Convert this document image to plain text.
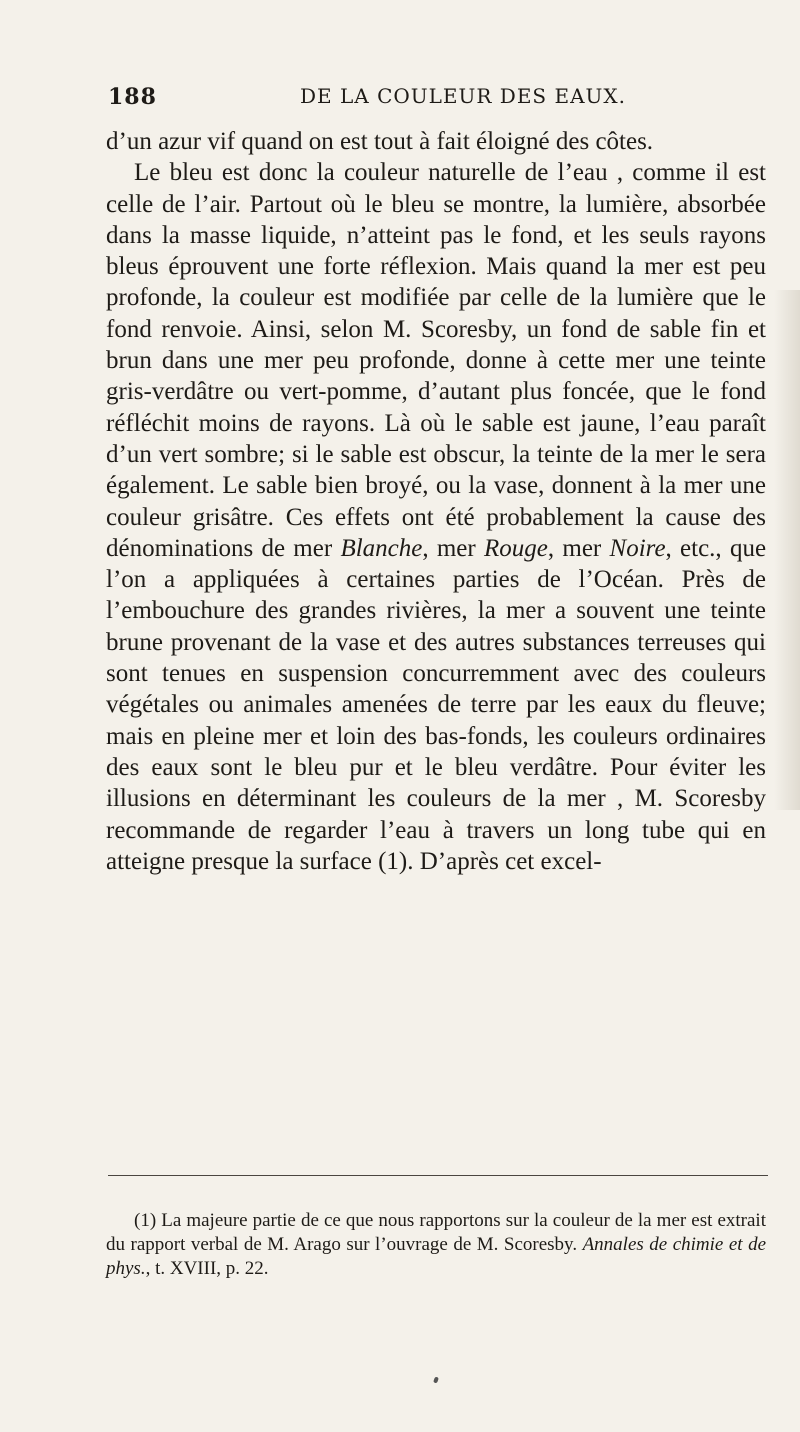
188	DE LA COULEUR DES EAUX.

d’un azur vif quand on est tout à fait éloigné des côtes.

Le bleu est donc la couleur naturelle de l’eau , comme il est celle de l’air. Partout où le bleu se montre, la lumière, absorbée dans la masse liquide, n’atteint pas le fond, et les seuls rayons bleus éprouvent une forte réflexion. Mais quand la mer est peu profonde, la couleur est modifiée par celle de la lumière que le fond renvoie. Ainsi, selon M. Scoresby, un fond de sable fin et brun dans une mer peu profonde, donne à cette mer une teinte gris-verdâtre ou vert-pomme, d’autant plus foncée, que le fond réfléchit moins de rayons. Là où le sable est jaune, l’eau paraît d’un vert sombre; si le sable est obscur, la teinte de la mer le sera également. Le sable bien broyé, ou la vase, donnent à la mer une couleur grisâtre. Ces effets ont été probablement la cause des dénominations de mer Blanche, mer Rouge, mer Noire, etc., que l’on a appliquées à certaines parties de l’Océan. Près de l’embouchure des grandes rivières, la mer a souvent une teinte brune provenant de la vase et des autres substances terreuses qui sont tenues en suspension concurremment avec des couleurs végétales ou animales amenées de terre par les eaux du fleuve; mais en pleine mer et loin des bas-fonds, les couleurs ordinaires des eaux sont le bleu pur et le bleu verdâtre. Pour éviter les illusions en déterminant les couleurs de la mer , M. Scoresby recommande de regarder l’eau à travers un long tube qui en atteigne presque la surface (1). D’après cet excel-

(1) La majeure partie de ce que nous rapportons sur la couleur de la mer est extrait du rapport verbal de M. Arago sur l’ouvrage de M. Scoresby. Annales de chimie et de phys., t. XVIII, p. 22.
